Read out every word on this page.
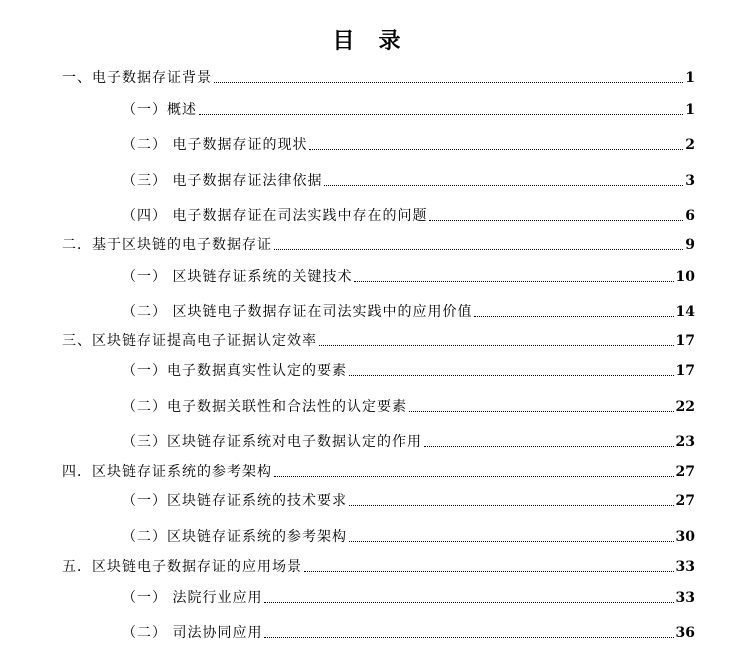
目 录
一、电子数据存证背景	1
（一）概述	1
（二） 电子数据存证的现状	2
（三） 电子数据存证法律依据	3
（四） 电子数据存证在司法实践中存在的问题	6
二．基于区块链的电子数据存证	9
（一） 区块链存证系统的关键技术	10
（二） 区块链电子数据存证在司法实践中的应用价值	14
三、区块链存证提高电子证据认定效率	17
（一）电子数据真实性认定的要素	17
（二）电子数据关联性和合法性的认定要素	22
（三）区块链存证系统对电子数据认定的作用	23
四．区块链存证系统的参考架构	27
（一）区块链存证系统的技术要求	27
（二）区块链存证系统的参考架构	30
五．区块链电子数据存证的应用场景	33
（一） 法院行业应用	33
（二） 司法协同应用	36
